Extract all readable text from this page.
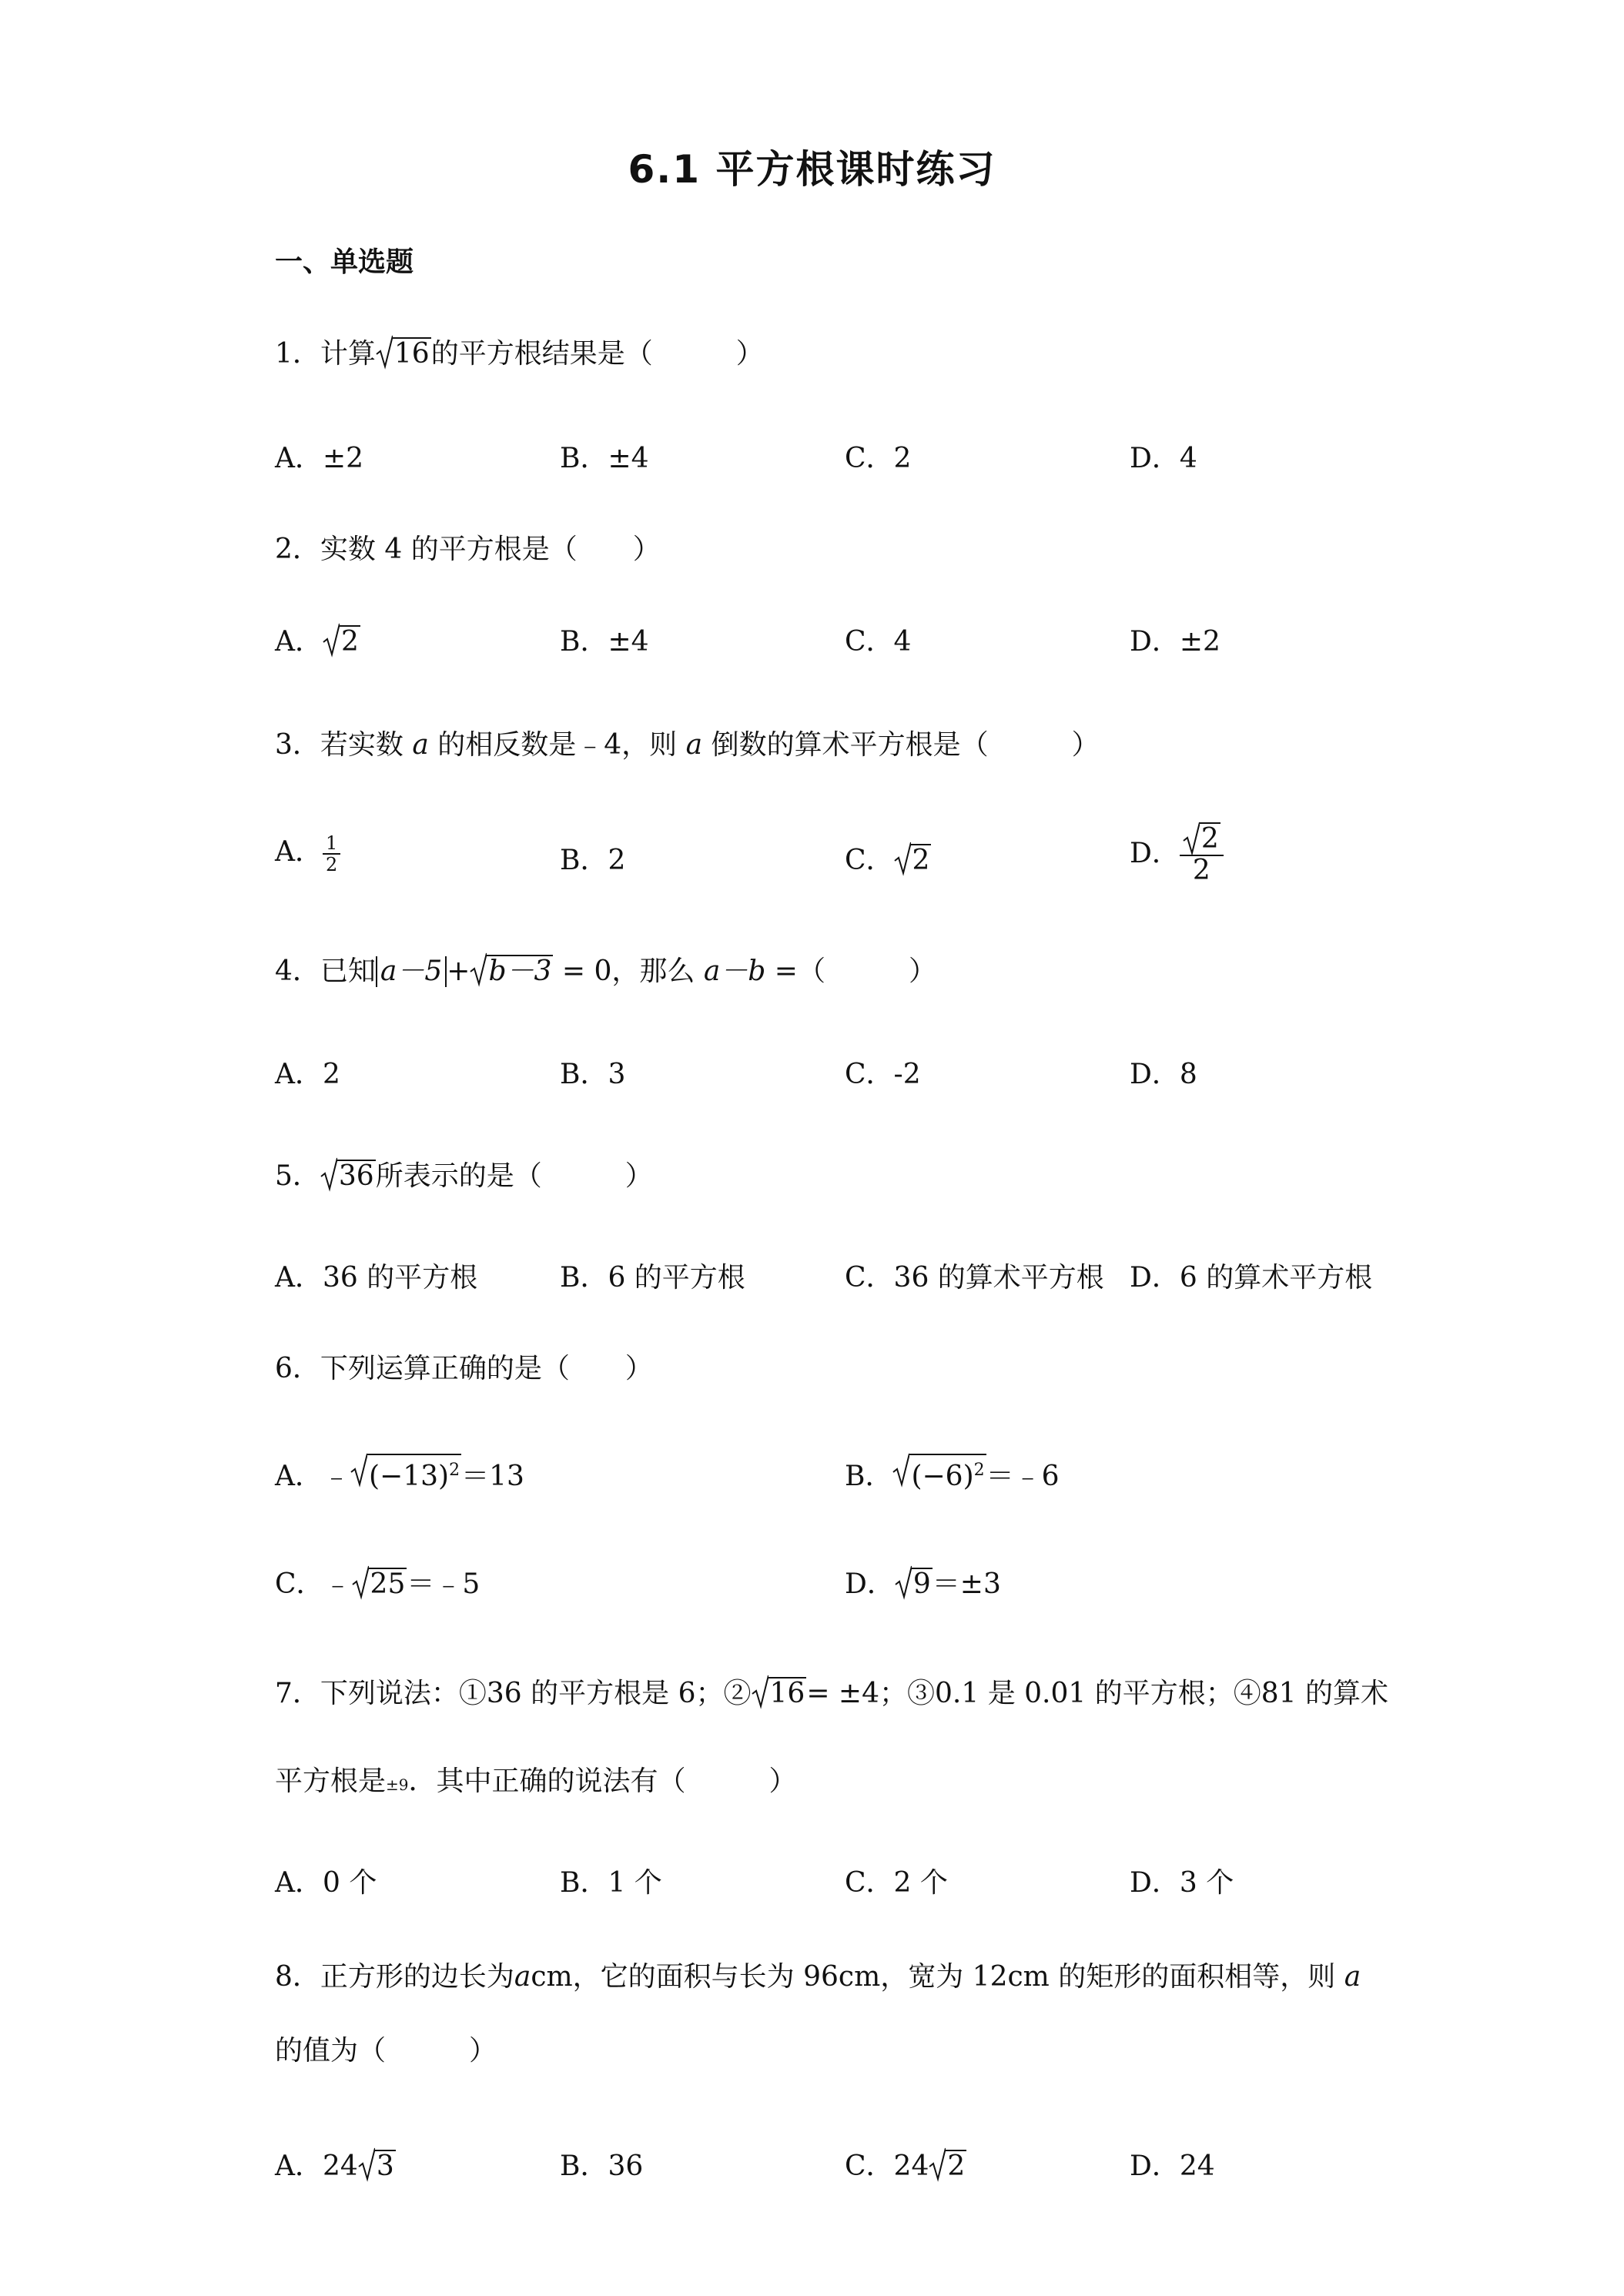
6.1 平方根课时练习
一、单选题
1．计算 16的平方根结果是（　　　）
A．±2	B．±4	C．2	D．4
2．实数 4 的平方根是（　　）
A． 2	B．±4	C．4	D．±2
3．若实数 a 的相反数是﹣4，则 a 倒数的算术平方根是（　　　）
A． $\frac{1}{2}$	B．2	C． 2	D． $\frac{2}{2}$
4．已知 a－5 + b－3 = 0，那么 a－b =（　　　）
A．2	B．3	C．-2	D．8
5． 36所表示的是（　　　）
A．36 的平方根	B．6 的平方根	C．36 的算术平方根 D．6 的算术平方根
6．下列运算正确的是（　　）
A．﹣ $(-13)^2=13$	B． $(-6)^2=﹣6$
C．﹣ 25＝﹣5	D． 9＝±3
7．下列说法：①36 的平方根是 6；② 16= ±4；③0.1 是 0.01 的平方根；④81 的算术
平方根是±9．其中正确的说法有（　　　）
A．0 个	B．1 个	C．2 个	D．3 个
8．正方形的边长为acm，它的面积与长为 96cm，宽为 12cm 的矩形的面积相等，则 a
的值为（　　　）
A．24 3	B．36	C．24 2	D．24
